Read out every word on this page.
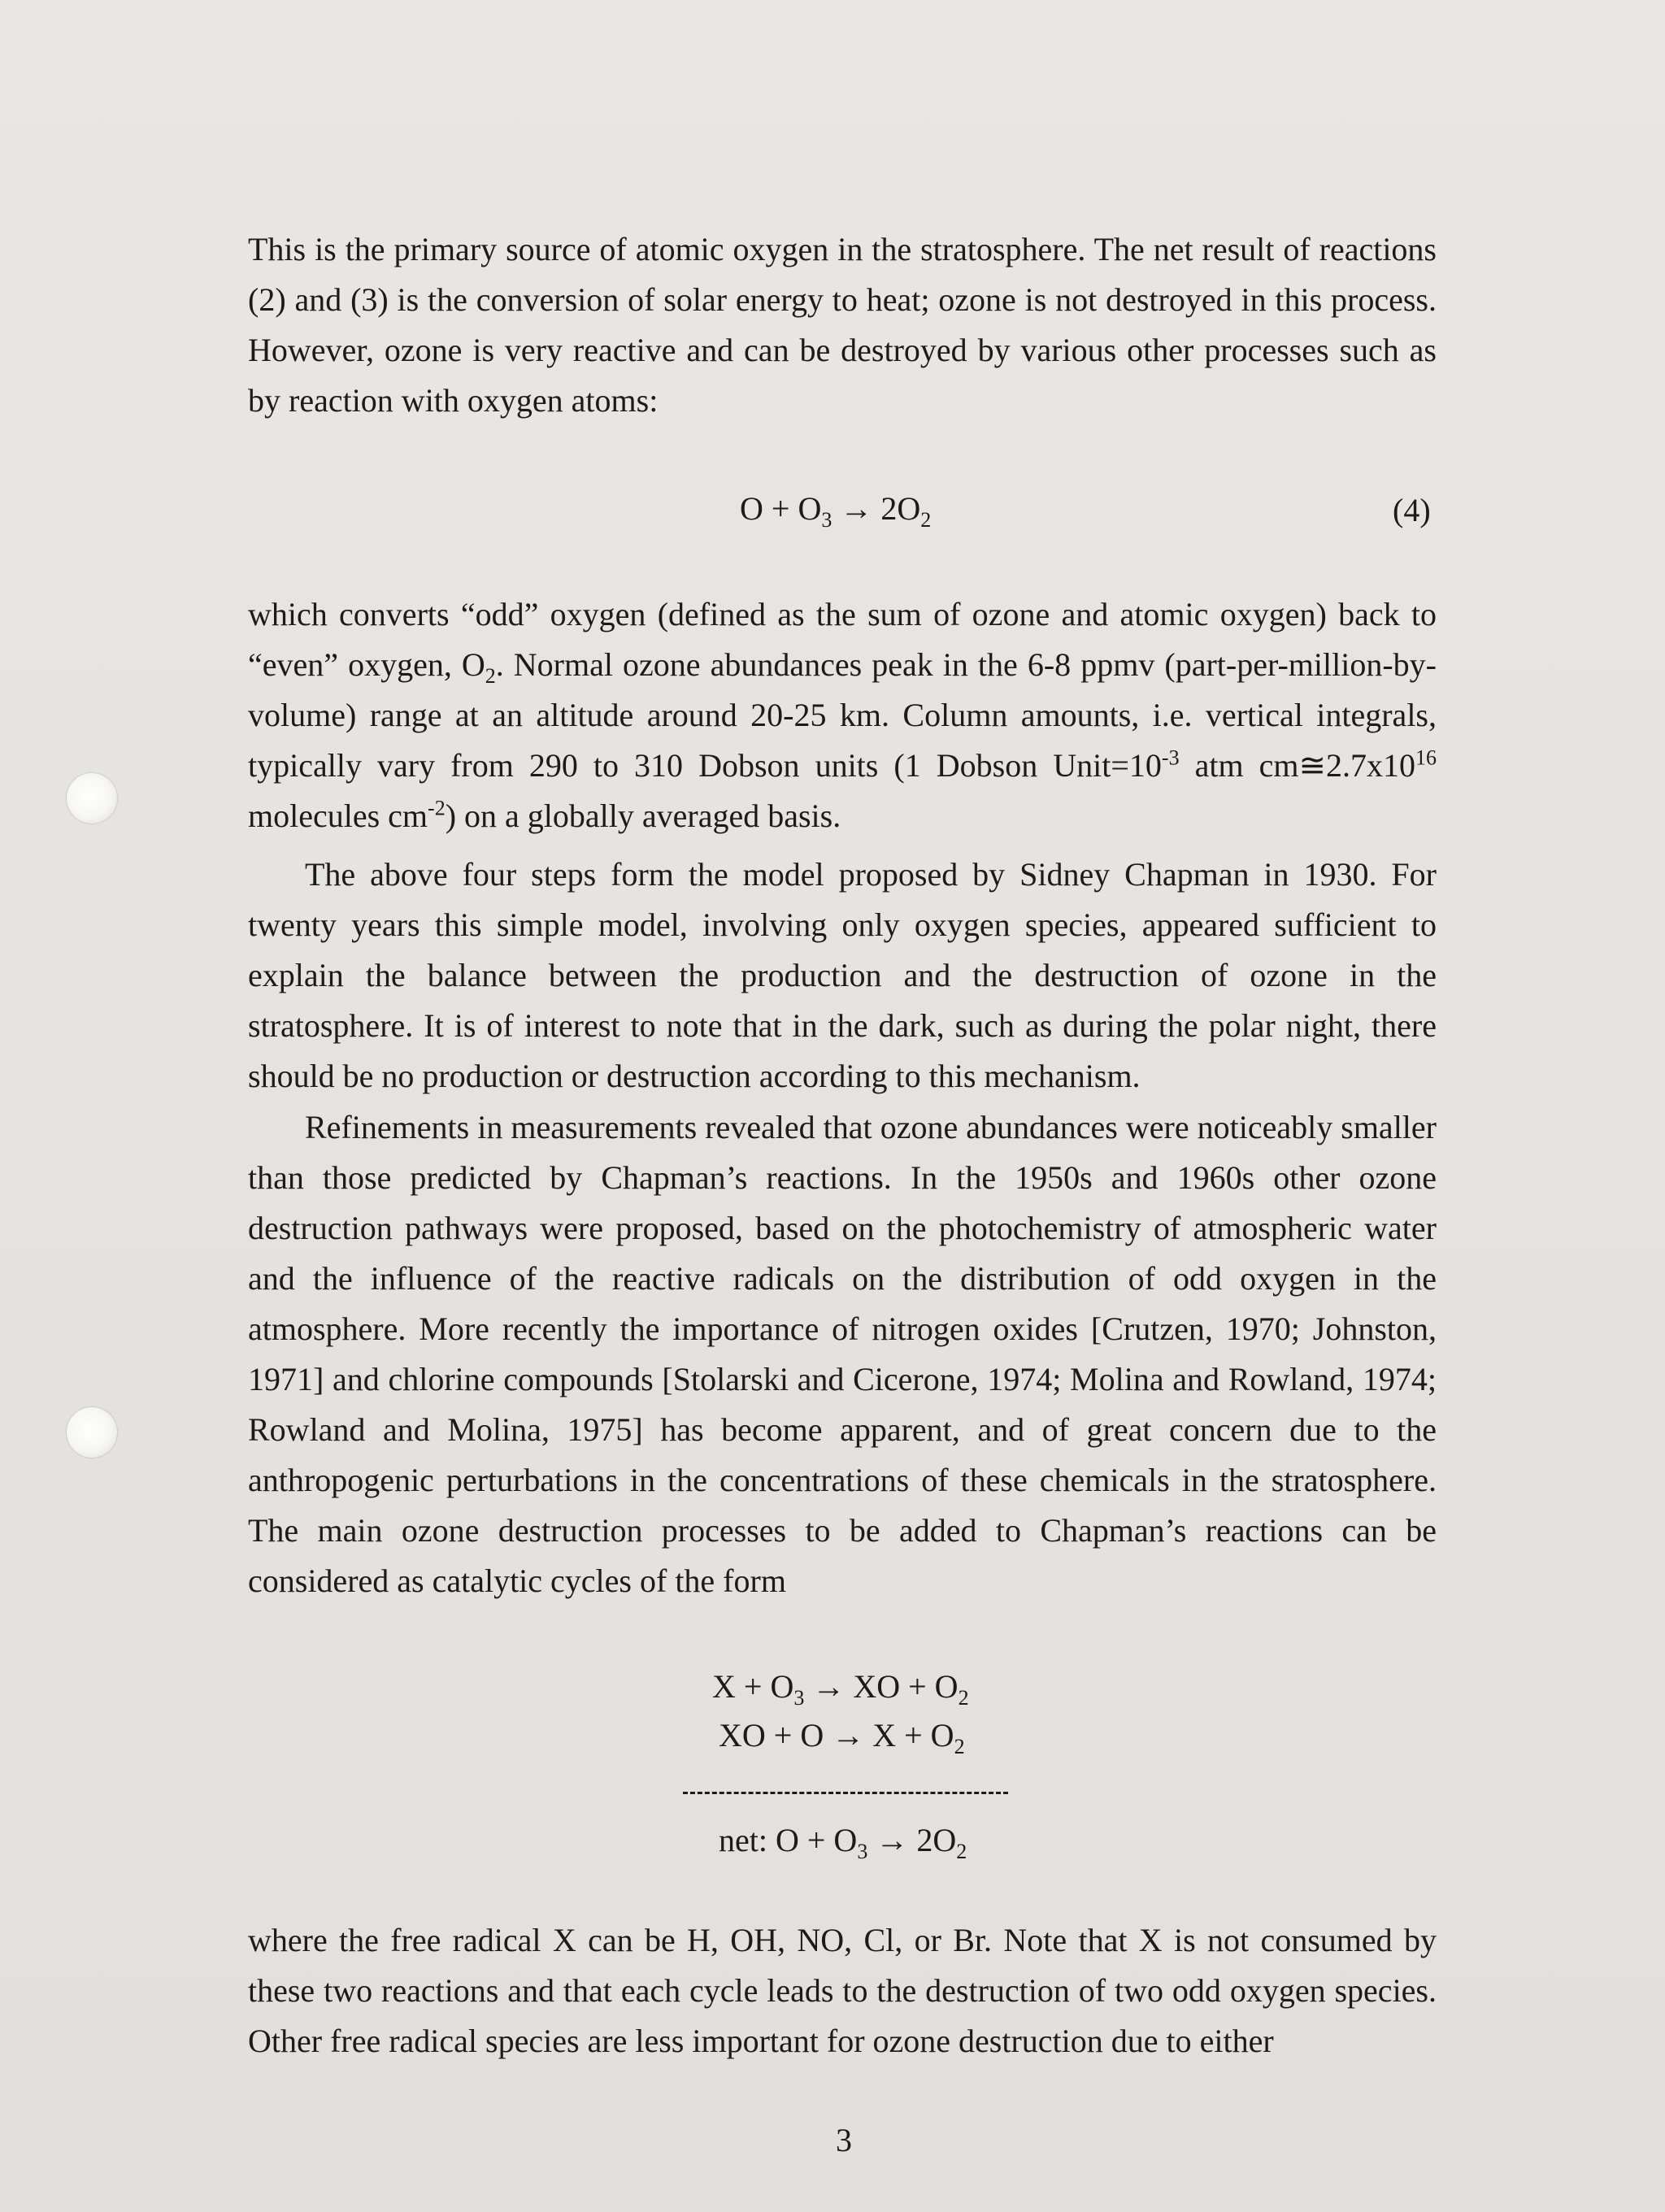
This is the primary source of atomic oxygen in the stratosphere. The net result of reactions (2) and (3) is the conversion of solar energy to heat; ozone is not destroyed in this process. However, ozone is very reactive and can be destroyed by various other processes such as by reaction with oxygen atoms:

$O + O_3 \to 2O_2$	(4)

which converts “odd” oxygen (defined as the sum of ozone and atomic oxygen) back to “even” oxygen, $O_2$. Normal ozone abundances peak in the 6-8 ppmv (part-per-million-by-volume) range at an altitude around 20-25 km. Column amounts, i.e. vertical integrals, typically vary from 290 to 310 Dobson units (1 Dobson $Unit=10^{-3}$ atm $cm≅2.7x10^{16}$ molecules $cm^{-2}$) on a globally averaged basis.

The above four steps form the model proposed by Sidney Chapman in 1930. For twenty years this simple model, involving only oxygen species, appeared sufficient to explain the balance between the production and the destruction of ozone in the stratosphere. It is of interest to note that in the dark, such as during the polar night, there should be no production or destruction according to this mechanism.

Refinements in measurements revealed that ozone abundances were noticeably smaller than those predicted by Chapman’s reactions. In the 1950s and 1960s other ozone destruction pathways were proposed, based on the photochemistry of atmospheric water and the influence of the reactive radicals on the distribution of odd oxygen in the atmosphere. More recently the importance of nitrogen oxides [Crutzen, 1970; Johnston, 1971] and chlorine compounds [Stolarski and Cicerone, 1974; Molina and Rowland, 1974; Rowland and Molina, 1975] has become apparent, and of great concern due to the anthropogenic perturbations in the concentrations of these chemicals in the stratosphere. The main ozone destruction processes to be added to Chapman’s reactions can be considered as catalytic cycles of the form

$X + O_3$ → XO + $O_2$
XO + $O \to X + O_2$
net: $O + O_3 \to 2O_2$

where the free radical X can be H, OH, NO, Cl, or Br. Note that X is not consumed by these two reactions and that each cycle leads to the destruction of two odd oxygen species. Other free radical species are less important for ozone destruction due to either

3
